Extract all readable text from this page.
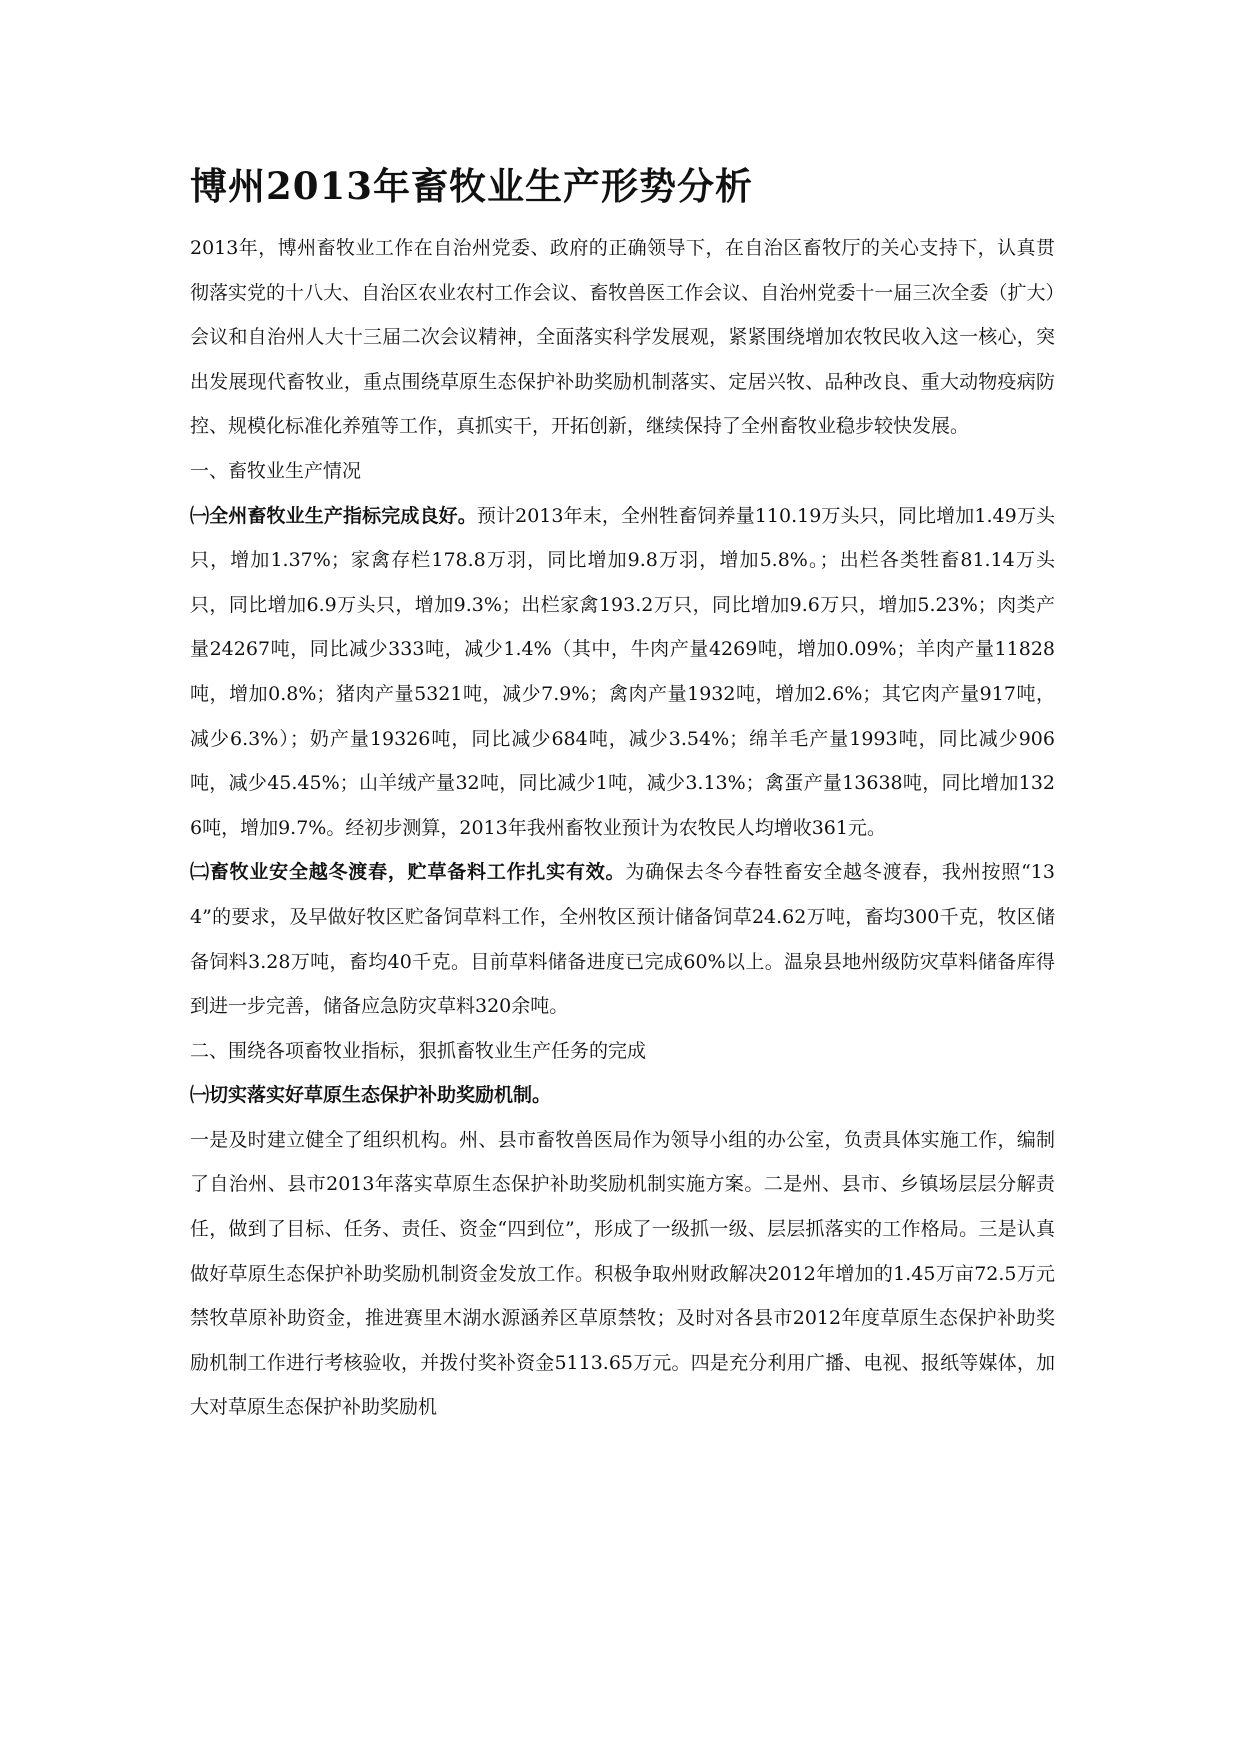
博州2013年畜牧业生产形势分析

2013年，博州畜牧业工作在自治州党委、政府的正确领导下，在自治区畜牧厅的关心支持下，认真贯彻落实党的十八大、自治区农业农村工作会议、畜牧兽医工作会议、自治州党委十一届三次全委（扩大）会议和自治州人大十三届二次会议精神，全面落实科学发展观，紧紧围绕增加农牧民收入这一核心，突出发展现代畜牧业，重点围绕草原生态保护补助奖励机制落实、定居兴牧、品种改良、重大动物疫病防控、规模化标准化养殖等工作，真抓实干，开拓创新，继续保持了全州畜牧业稳步较快发展。

一、畜牧业生产情况

㈠全州畜牧业生产指标完成良好。预计2013年末，全州牲畜饲养量110.19万头只，同比增加1.49万头只，增加1.37%；家禽存栏178.8万羽，同比增加9.8万羽，增加5.8%。；出栏各类牲畜81.14万头只，同比增加6.9万头只，增加9.3%；出栏家禽193.2万只，同比增加9.6万只，增加5.23%；肉类产量24267吨，同比减少333吨，减少1.4%（其中，牛肉产量4269吨，增加0.09%；羊肉产量11828吨，增加0.8%；猪肉产量5321吨，减少7.9%；禽肉产量1932吨，增加2.6%；其它肉产量917吨，减少6.3%）；奶产量19326吨，同比减少684吨，减少3.54%；绵羊毛产量1993吨，同比减少906吨，减少45.45%；山羊绒产量32吨，同比减少1吨，减少3.13%；禽蛋产量13638吨，同比增加1326吨，增加9.7%。经初步测算，2013年我州畜牧业预计为农牧民人均增收361元。

㈡畜牧业安全越冬渡春，贮草备料工作扎实有效。为确保去冬今春牲畜安全越冬渡春，我州按照“134”的要求，及早做好牧区贮备饲草料工作，全州牧区预计储备饲草24.62万吨，畜均300千克，牧区储备饲料3.28万吨，畜均40千克。目前草料储备进度已完成60%以上。温泉县地州级防灾草料储备库得到进一步完善，储备应急防灾草料320余吨。

二、围绕各项畜牧业指标，狠抓畜牧业生产任务的完成

㈠切实落实好草原生态保护补助奖励机制。

一是及时建立健全了组织机构。州、县市畜牧兽医局作为领导小组的办公室，负责具体实施工作，编制了自治州、县市2013年落实草原生态保护补助奖励机制实施方案。二是州、县市、乡镇场层层分解责任，做到了目标、任务、责任、资金“四到位”，形成了一级抓一级、层层抓落实的工作格局。三是认真做好草原生态保护补助奖励机制资金发放工作。积极争取州财政解决2012年增加的1.45万亩72.5万元禁牧草原补助资金，推进赛里木湖水源涵养区草原禁牧；及时对各县市2012年度草原生态保护补助奖励机制工作进行考核验收，并拨付奖补资金5113.65万元。四是充分利用广播、电视、报纸等媒体，加大对草原生态保护补助奖励机
